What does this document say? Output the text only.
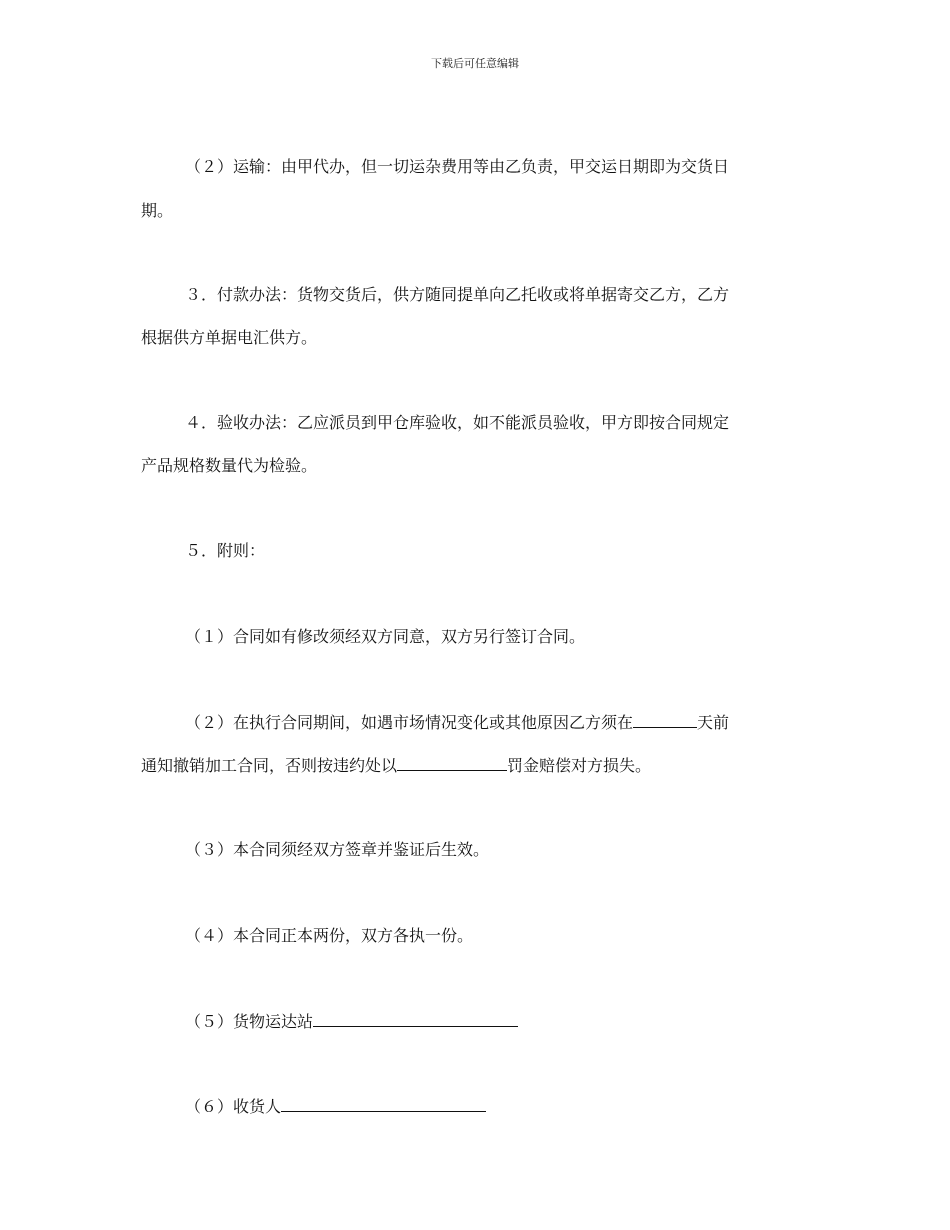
下载后可任意编辑
（２）运输：由甲代办，但一切运杂费用等由乙负责，甲交运日期即为交货日
期。
３．付款办法：货物交货后，供方随同提单向乙托收或将单据寄交乙方，乙方
根据供方单据电汇供方。
４．验收办法：乙应派员到甲仓库验收，如不能派员验收，甲方即按合同规定
产品规格数量代为检验。
５．附则：
（１）合同如有修改须经双方同意，双方另行签订合同。
（２）在执行合同期间，如遇市场情况变化或其他原因乙方须在	天前
通知撤销加工合同，否则按违约处以	罚金赔偿对方损失。
（３）本合同须经双方签章并鉴证后生效。
（４）本合同正本两份，双方各执一份。
（５）货物运达站
（６）收货人
